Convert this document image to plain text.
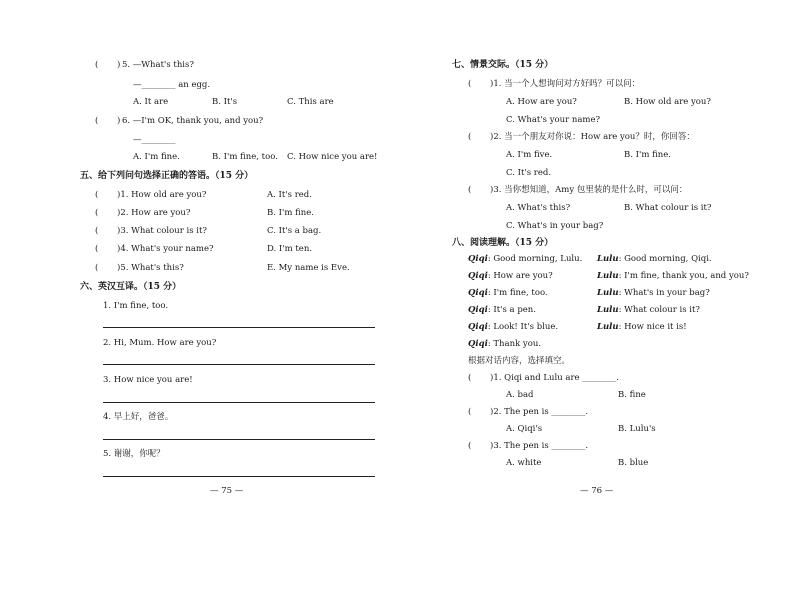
( ) 5. —What's this?
—________ an egg.
A. It are	B. It's	C. This are
( ) 6. —I'm OK, thank you, and you?
—________
A. I'm fine.	B. I'm fine, too. C. How nice you are!
五、给下列问句选择正确的答语。（15 分）
( )1. How old are you?	A. It's red.
( )2. How are you?	B. I'm fine.
( )3. What colour is it?	C. It's a bag.
( )4. What's your name?	D. I'm ten.
( )5. What's this?	E. My name is Eve.
六、英汉互译。（15 分）
1. I'm fine, too.
2. Hi, Mum. How are you?
3. How nice you are!
4. 早上好，爸爸。
5. 谢谢，你呢？
— 75 —
七、情景交际。（15 分）
( )1. 当一个人想询问对方好吗？可以问：
A. How are you?	B. How old are you?
C. What's your name?
( )2. 当一个朋友对你说：How are you？时，你回答：
A. I'm five.	B. I'm fine.
C. It's red.
( )3. 当你想知道，Amy 包里装的是什么时，可以问：
A. What's this?	B. What colour is it?
C. What's in your bag?
八、阅读理解。（15 分）
Qiqi: Good morning, Lulu. Lulu: Good morning, Qiqi.
Qiqi: How are you?	Lulu: I'm fine, thank you, and you?
Qiqi: I'm fine, too.	Lulu: What's in your bag?
Qiqi: It's a pen.	Lulu: What colour is it?
Qiqi: Look! It's blue.	Lulu: How nice it is!
Qiqi: Thank you.
根据对话内容，选择填空。
( )1. Qiqi and Lulu are ________.
A. bad	B. fine
( )2. The pen is ________.
A. Qiqi's	B. Lulu's
( )3. The pen is ________.
A. white	B. blue
— 76 —
